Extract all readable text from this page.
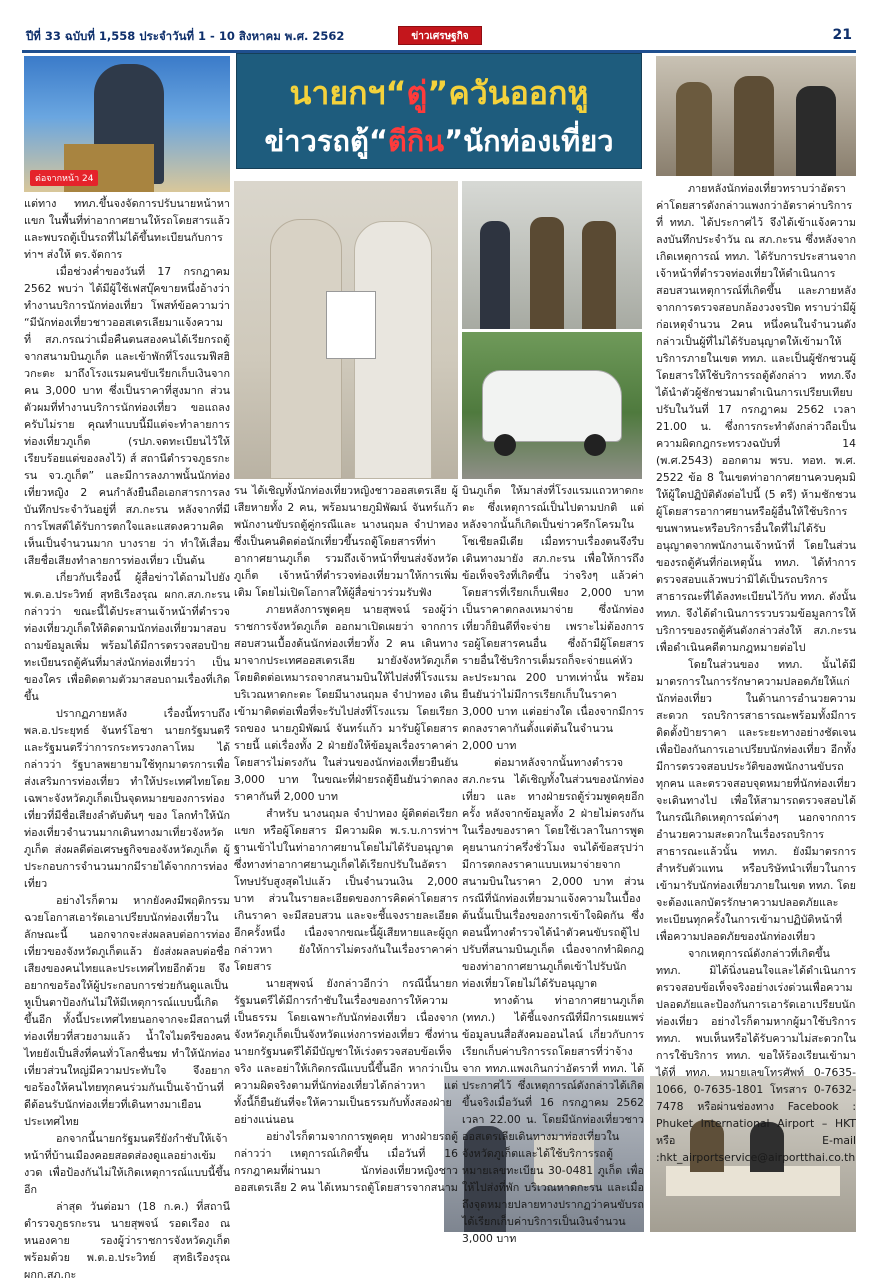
ปีที่ 33 ฉบับที่ 1,558 ประจำวันที่ 1 - 10 สิงหาคม พ.ศ. 2562	ข่าวเศรษฐกิจ	21
ต่อจากหน้า 24
นายกฯ“ตู่”ควันออกหู
ข่าวรถตู้“ตีกิน”นักท่องเที่ยว

แต่ทาง ททภ.ขึ้นจงจัดการปรับนายหน้าหาแขก ในพื้นที่ท่าอากาศยานให้รถโดยสารแล้ว และพบรถตู้เป็นรถที่ไม่ได้ขึ้นทะเบียนกับการท่าฯ ส่งให้ ตร.จัดการ

เมื่อช่วงค่ำของวันที่ 17 กรกฎาคม 2562 พบว่า ได้มีผู้ใช้เฟสบุ๊คขายหนึ่งอ้างว่า ทำงานบริการนักท่องเที่ยว โพสท์ข้อความว่า “มีนักท่องเที่ยวชาวออสเตรเลียมาแจ้งความที่ สภ.กรณว่าเมื่อคืนตนสองคนได้เรียกรถตู้จากสนามบินภูเก็ต และเข้าพักที่โรงแรมฟีสฮิวกะตะ มาถึงโรงแรมคนขับเรียกเก็บเงินจากคน 3,000 บาท ซึ่งเป็นราคาที่สูงมาก ส่วนตัวผมที่ทำงานบริการนักท่องเที่ยว ขอแถลงครับไม่ราย คุณทำแบบนี้มีแต่จะทำลายการท่องเที่ยวภูเก็ต (รปภ.จดทะเบียนไว้ให้เรียบร้อยแต่ของลงไว้) ส์ สถานีตำรวจภูธรกะรน จว.ภูเก็ต” และมีการลงภาพนั้นนักท่องเที่ยวหญิง 2 คนกำลังยืนถือเอกสารการลงบันทึกประจำวันอยู่ที่ สภ.กะรน หลังจากที่มีการโพสต์ได้รับการตกใจและแสดงความคิดเห็นเป็นจำนวนมาก บางราย ว่า ทำให้เสื่อมเสียชื่อเสียงทำลายการท่องเที่ยว เป็นต้น

เกี่ยวกับเรื่องนี้ ผู้สื่อข่าวได้ถามไปยัง พ.ต.อ.ประวิทย์ สุทธิเรืองรุณ ผกก.สภ.กะรน กล่าวว่า ขณะนี้ได้ประสานเจ้าหน้าที่ตำรวจท่องเที่ยวภูเก็ตให้ติดตามนักท่องเที่ยวมาสอบถามข้อมูลเพิ่ม พร้อมได้มีการตรวจสอบป้ายทะเบียนรถตู้คันที่มาส่งนักท่องเที่ยวว่า เป็นของใคร เพื่อติดตามตัวมาสอบถามเรื่องที่เกิดขึ้น

ปรากฏภายหลัง เรื่องนี้ทราบถึง พล.อ.ประยุทธ์ จันทร์โอชา นายกรัฐมนตรีและรัฐมนตรีว่าการกระทรวงกลาโหม ได้กล่าวว่า รัฐบาลพยายามใช้ทุกมาตรการเพื่อส่งเสริมการท่องเที่ยว ทำให้ประเทศไทยโดยเฉพาะจังหวัดภูเก็ตเป็นจุดหมายของการท่องเที่ยวที่มีชื่อเสียงลำดับต้นๆ ของ โลกทำให้นักท่องเที่ยวจำนวนมากเดินทางมาเที่ยวจังหวัดภูเก็ต ส่งผลดีต่อเศรษฐกิจของจังหวัดภูเก็ต ผู้ประกอบการจำนวนมากมีรายได้จากการท่องเที่ยว

อย่างไรก็ตาม หากยังคงมีพฤติกรรมฉวยโอกาสเอารัดเอาเปรียบนักท่องเที่ยวในลักษณะนี้ นอกจากจะส่งผลลบต่อการท่องเที่ยวของจังหวัดภูเก็ตแล้ว ยังส่งผลลบต่อชื่อเสียงของคนไทยและประเทศไทยอีกด้วย จึงอยากขอร้องให้ผู้ประกอบการช่วยกันดูแลเป็นหูเป็นตาป้องกันไม่ให้มีเหตุการณ์แบบนี้เกิดขึ้นอีก ทั้งนี้ประเทศไทยนอกจากจะมีสถานที่ท่องเที่ยวที่สวยงามแล้ว น้ำใจไมตรีของคนไทยยังเป็นสิ่งที่คนทั่วโลกชื่นชม ทำให้นักท่องเที่ยวส่วนใหญ่มีความประทับใจ จึงอยากขอร้องให้คนไทยทุกคนร่วมกันเป็นเจ้าบ้านที่ดีต้อนรับนักท่องเที่ยวที่เดินทางมาเยือนประเทศไทย

อกจากนี้นายกรัฐมนตรียังกำชับให้เจ้าหน้าที่บ้านเมืองคอยสอดส่องดูแลอย่างเข้มงวด เพื่อป้องกันไม่ให้เกิดเหตุการณ์แบบนี้ขึ้นอีก

ล่าสุด วันต่อมา (18 ก.ค.) ที่สถานีตำรวจภูธรกะรน นายสุพจน์ รอดเรือง ณ หนองคาย รองผู้ว่าราชการจังหวัดภูเก็ต พร้อมด้วย พ.ต.อ.ประวิทย์ สุทธิเรืองรุณ ผกก.สภ.กะ

รน ได้เชิญทั้งนักท่องเที่ยวหญิงชาวออสเตรเลีย ผู้เสียหายทั้ง 2 คน, พร้อมนายภูมิพัฒน์ จันทร์แก้ว พนักงานขับรถตู้คู่กรณีและ นางนฤมล จำปาทอง ซึ่งเป็นคนติดต่อนักเที่ยวขึ้นรถตู้โดยสารที่ท่าอากาศยานภูเก็ต รวมถึงเจ้าหน้าที่ขนส่งจังหวัดภูเก็ต เจ้าหน้าที่ตำรวจท่องเที่ยวมาให้การเพิ่มเติม โดยไม่เปิดโอกาสให้ผู้สื่อข่าวร่วมรับฟัง

ภายหลังการพูดคุย นายสุพจน์ รองผู้ว่าราชการจังหวัดภูเก็ต ออกมาเปิดเผยว่า จากการสอบสวนเบื้องต้นนักท่องเที่ยวทั้ง 2 คน เดินทางมาจากประเทศออสเตรเลีย มายังจังหวัดภูเก็ต โดยติดต่อเหมารถจากสนามบินให้ไปส่งที่โรงแรมบริเวณหาดกะตะ โดยมีนางนฤมล จำปาทอง เดินเข้ามาติดต่อเพื่อที่จะรับไปส่งที่โรงแรม โดยเรียกรถของ นายภูมิพัฒน์ จันทร์แก้ว มารับผู้โดยสารรายนี้ แต่เรื่องทั้ง 2 ฝ่ายยังให้ข้อมูลเรื่องราคาค่าโดยสารไม่ตรงกัน ในส่วนของนักท่องเที่ยวยืนยัน 3,000 บาท ในขณะที่ฝ่ายรถตู้ยืนยันว่าตกลงราคากันที่ 2,000 บาท

สำหรับ นางนฤมล จำปาทอง ผู้ติดต่อเรียกแขก หรือผู้โดยสาร มีความผิด พ.ร.บ.การท่าฯ ฐานเข้าไปในท่าอากาศยานโดยไม่ได้รับอนุญาต ซึ่งทางท่าอากาศยานภูเก็ตได้เรียกปรับในอัตราโทษปรับสูงสุดไปแล้ว เป็นจำนวนเงิน 2,000 บาท ส่วนในรายละเอียดของการคิดค่าโดยสารเกินราคา จะมีสอบสวน และจะชี้แจงรายละเอียดอีกครั้งหนึ่ง เนื่องจากขณะนี้ผู้เสียหายและผู้ถูกกล่าวหา ยังให้การไม่ตรงกันในเรื่องราคาค่าโดยสาร

นายสุพจน์ ยังกล่าวอีกว่า กรณีนี้นายกรัฐมนตรีได้มีการกำชับในเรื่องของการให้ความเป็นธรรม โดยเฉพาะกับนักท่องเที่ยว เนื่องจากจังหวัดภูเก็ตเป็นจังหวัดแห่งการท่องเที่ยว ซึ่งท่านนายกรัฐมนตรีได้มีบัญชาให้เร่งตรวจสอบข้อเท็จจริง และอย่าให้เกิดกรณีแบบนี้ขึ้นอีก หากว่าเป็นความผิดจริงตามที่นักท่องเที่ยวได้กล่าวหา แต่ทั้งนี้ก็ยืนยันที่จะให้ความเป็นธรรมกับทั้งสองฝ่ายอย่างแน่นอน

อย่างไรก็ตามจากการพูดคุย ทางฝ่ายรถตู้ กล่าวว่า เหตุการณ์เกิดขึ้น เมื่อวันที่ 16 กรกฎาคมที่ผ่านมา นักท่องเที่ยวหญิงชาวออสเตรเลีย 2 คน ได้เหมารถตู้โดยสารจากสนาม

บินภูเก็ต ให้มาส่งที่โรงแรมแถวหาดกะตะ ซึ่งเหตุการณ์เป็นไปตามปกติ แต่หลังจากนั้นก็เกิดเป็นข่าวครึกโครมในโซเชียลมีเดีย เมื่อทราบเรื่องตนจึงรีบเดินทางมายัง สภ.กะรน เพื่อให้การถึงข้อเท็จจริงที่เกิดขึ้น ว่าจริงๆ แล้วค่าโดยสารที่เรียกเก็บเพียง 2,000 บาท เป็นราคาตกลงเหมาจ่าย ซึ่งนักท่องเที่ยวก็ยินดีที่จะจ่าย เพราะไม่ต้องการรอผู้โดยสารคนอื่น ซึ่งถ้ามีผู้โดยสารรายอื่นใช้บริการเต็มรถก็จะจ่ายแค่หัวละประมาณ 200 บาทเท่านั้น พร้อมยืนยันว่าไม่มีการเรียกเก็บในราคา 3,000 บาท แต่อย่างใด เนื่องจากมีการตกลงราคากันตั้งแต่ต้นในจำนวน 2,000 บาท

ต่อมาหลังจากนั้นทางตำรวจ สภ.กะรน ได้เชิญทั้งในส่วนของนักท่องเที่ยว และ ทางฝ่ายรถตู้ร่วมพูดคุยอีกครั้ง หลังจากข้อมูลทั้ง 2 ฝ่ายไม่ตรงกันในเรื่องของราคา โดยใช้เวลาในการพูดคุยนานกว่าครึ่งชั่วโมง จนได้ข้อสรุปว่า มีการตกลงราคาแบบเหมาจ่ายจากสนามบินในราคา 2,000 บาท ส่วนกรณีที่นักท่องเที่ยวมาแจ้งความในเบื้องต้นนั้นเป็นเรื่องของการเข้าใจผิดกัน ซึ่งตอนนี้ทางตำรวจได้นำตัวคนขับรถตู้ไปปรับที่สนามบินภูเก็ต เนื่องจากทำผิดกฎของท่าอากาศยานภูเก็ตเข้าไปรับนักท่องเที่ยวโดยไม่ได้รับอนุญาต

ทางด้าน ท่าอากาศยานภูเก็ต (ททภ.) ได้ชี้แจงกรณีที่มีการเผยแพร่ข้อมูลบนสื่อสังคมออนไลน์ เกี่ยวกับการเรียกเก็บค่าบริการรถโดยสารที่ว่าจ้าง จาก ททภ.แพงเกินกว่าอัตราที่ ททภ. ได้ประกาศไว้ ซึ่งเหตุการณ์ดังกล่าวได้เกิดขึ้นจริงเมื่อวันที่ 16 กรกฎาคม 2562 เวลา 22.00 น. โดยมีนักท่องเที่ยวชาวออสเตรเลียเดินทางมาท่องเที่ยวในจังหวัดภูเก็ตและได้ใช้บริการรถตู้หมายเลขทะเบียน 30-0481 ภูเก็ต เพื่อให้ไปส่งที่พัก บริเวณหาดกะรน และเมื่อถึงจุดหมายปลายทางปรากฏว่าคนขับรถได้เรียกเก็บค่าบริการเป็นเงินจำนวน 3,000 บาท

ภายหลังนักท่องเที่ยวทราบว่าอัตราค่าโดยสารดังกล่าวแพงกว่าอัตราค่าบริการที่ ททภ. ได้ประกาศไว้ จึงได้เข้าแจ้งความลงบันทึกประจำวัน ณ สภ.กะรน ซึ่งหลังจากเกิดเหตุการณ์ ททภ. ได้รับการประสานจากเจ้าหน้าที่ตำรวจท่องเที่ยวให้ดำเนินการสอบสวนเหตุการณ์ที่เกิดขึ้น และภายหลังจากการตรวจสอบกล้องวงจรปิด ทราบว่ามีผู้ก่อเหตุจำนวน 2คน หนึ่งคนในจำนวนดังกล่าวเป็นผู้ที่ไม่ได้รับอนุญาตให้เข้ามาให้บริการภายในเขต ททภ. และเป็นผู้ชักชวนผู้โดยสารให้ใช้บริการรถตู้ดังกล่าว ททภ.จึงได้นำตัวผู้ชักชวนมาดำเนินการเปรียบเทียบปรับในวันที่ 17 กรกฎาคม 2562 เวลา 21.00 น. ซึ่งการกระทำดังกล่าวถือเป็นความผิดกฎกระทรวงฉบับที่ 14 (พ.ศ.2543) ออกตาม พรบ. ทอท. พ.ศ. 2522 ข้อ 8 ในเขตท่าอากาศยานควบคุมมิให้ผู้ใดปฏิบัติดังต่อไปนี้ (5 ตรี) ห้ามชักชวนผู้โดยสารอากาศยานหรือผู้อื่นให้ใช้บริการขนพาหนะหรือบริการอื่นใดที่ไม่ได้รับอนุญาตจากพนักงานเจ้าหน้าที่ โดยในส่วนของรถตู้คันที่ก่อเหตุนั้น ททภ. ได้ทำการตรวจสอบแล้วพบว่ามิได้เป็นรถบริการสาธารณะที่ได้ลงทะเบียนไว้กับ ททภ. ดังนั้น ททภ. จึงได้ดำเนินการรวบรวมข้อมูลการให้บริการของรถตู้คันดังกล่าวส่งให้ สภ.กะรน เพื่อดำเนินคดีตามกฎหมายต่อไป

โดยในส่วนของ ททภ. นั้นได้มีมาตรการในการรักษาความปลอดภัยให้แก่นักท่องเที่ยว ในด้านการอำนวยความสะดวก รถบริการสาธารณะพร้อมทั้งมีการติดตั้งป้ายราคา และระยะทางอย่างชัดเจนเพื่อป้องกันการเอาเปรียบนักท่องเที่ยว อีกทั้งมีการตรวจสอบประวัติของพนักงานขับรถทุกคน และตรวจสอบจุดหมายที่นักท่องเที่ยวจะเดินทางไป เพื่อให้สามารถตรวจสอบได้ในกรณีเกิดเหตุการณ์ต่างๆ นอกจากการอำนวยความสะดวกในเรื่องรถบริการสาธารณะแล้วนั้น ททภ. ยังมีมาตรการสำหรับตัวแทน หรือบริษัทนำเที่ยวในการเข้ามารับนักท่องเที่ยวภายในเขต ททภ. โดยจะต้องแลกบัตรรักษาความปลอดภัยและทะเบียนทุกครั้งในการเข้ามาปฏิบัติหน้าที่ เพื่อความปลอดภัยของนักท่องเที่ยว

จากเหตุการณ์ดังกล่าวที่เกิดขึ้น ททภ. มิได้นิ่งนอนใจและได้ดำเนินการตรวจสอบข้อเท็จจริงอย่างเร่งด่วนเพื่อความปลอดภัยและป้องกันการเอารัดเอาเปรียบนักท่องเที่ยว อย่างไรก็ตามหากผู้มาใช้บริการ ททภ. พบเห็นหรือได้รับความไม่สะดวกในการใช้บริการ ททภ. ขอให้ร้องเรียนเข้ามาได้ที่ ททภ. หมายเลขโทรศัพท์ 0-7635-1066, 0-7635-1801 โทรสาร 0-7632-7478 หรือผ่านช่องทาง Facebook : Phuket International Airport – HKT หรือ E-mail :hkt_airportservice@airportthai.co.th
